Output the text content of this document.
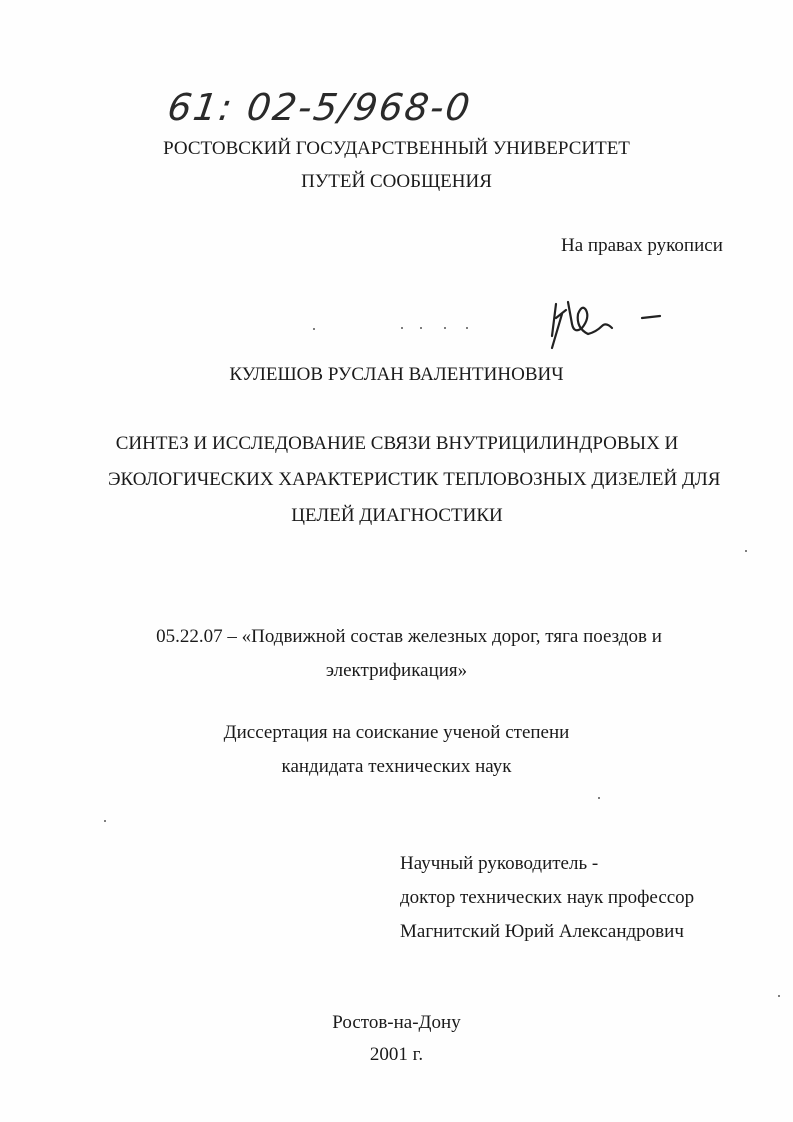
61: 02-5/968-0
РОСТОВСКИЙ ГОСУДАРСТВЕННЫЙ УНИВЕРСИТЕТ
ПУТЕЙ СООБЩЕНИЯ
На правах рукописи
КУЛЕШОВ РУСЛАН ВАЛЕНТИНОВИЧ
СИНТЕЗ И ИССЛЕДОВАНИЕ СВЯЗИ ВНУТРИЦИЛИНДРОВЫХ И
ЭКОЛОГИЧЕСКИХ ХАРАКТЕРИСТИК ТЕПЛОВОЗНЫХ ДИЗЕЛЕЙ ДЛЯ
ЦЕЛЕЙ ДИАГНОСТИКИ
05.22.07 – «Подвижной состав железных дорог, тяга поездов и
электрификация»
Диссертация на соискание ученой степени
кандидата технических наук
Научный руководитель -
доктор технических наук профессор
Магнитский Юрий Александрович
Ростов-на-Дону
2001 г.
